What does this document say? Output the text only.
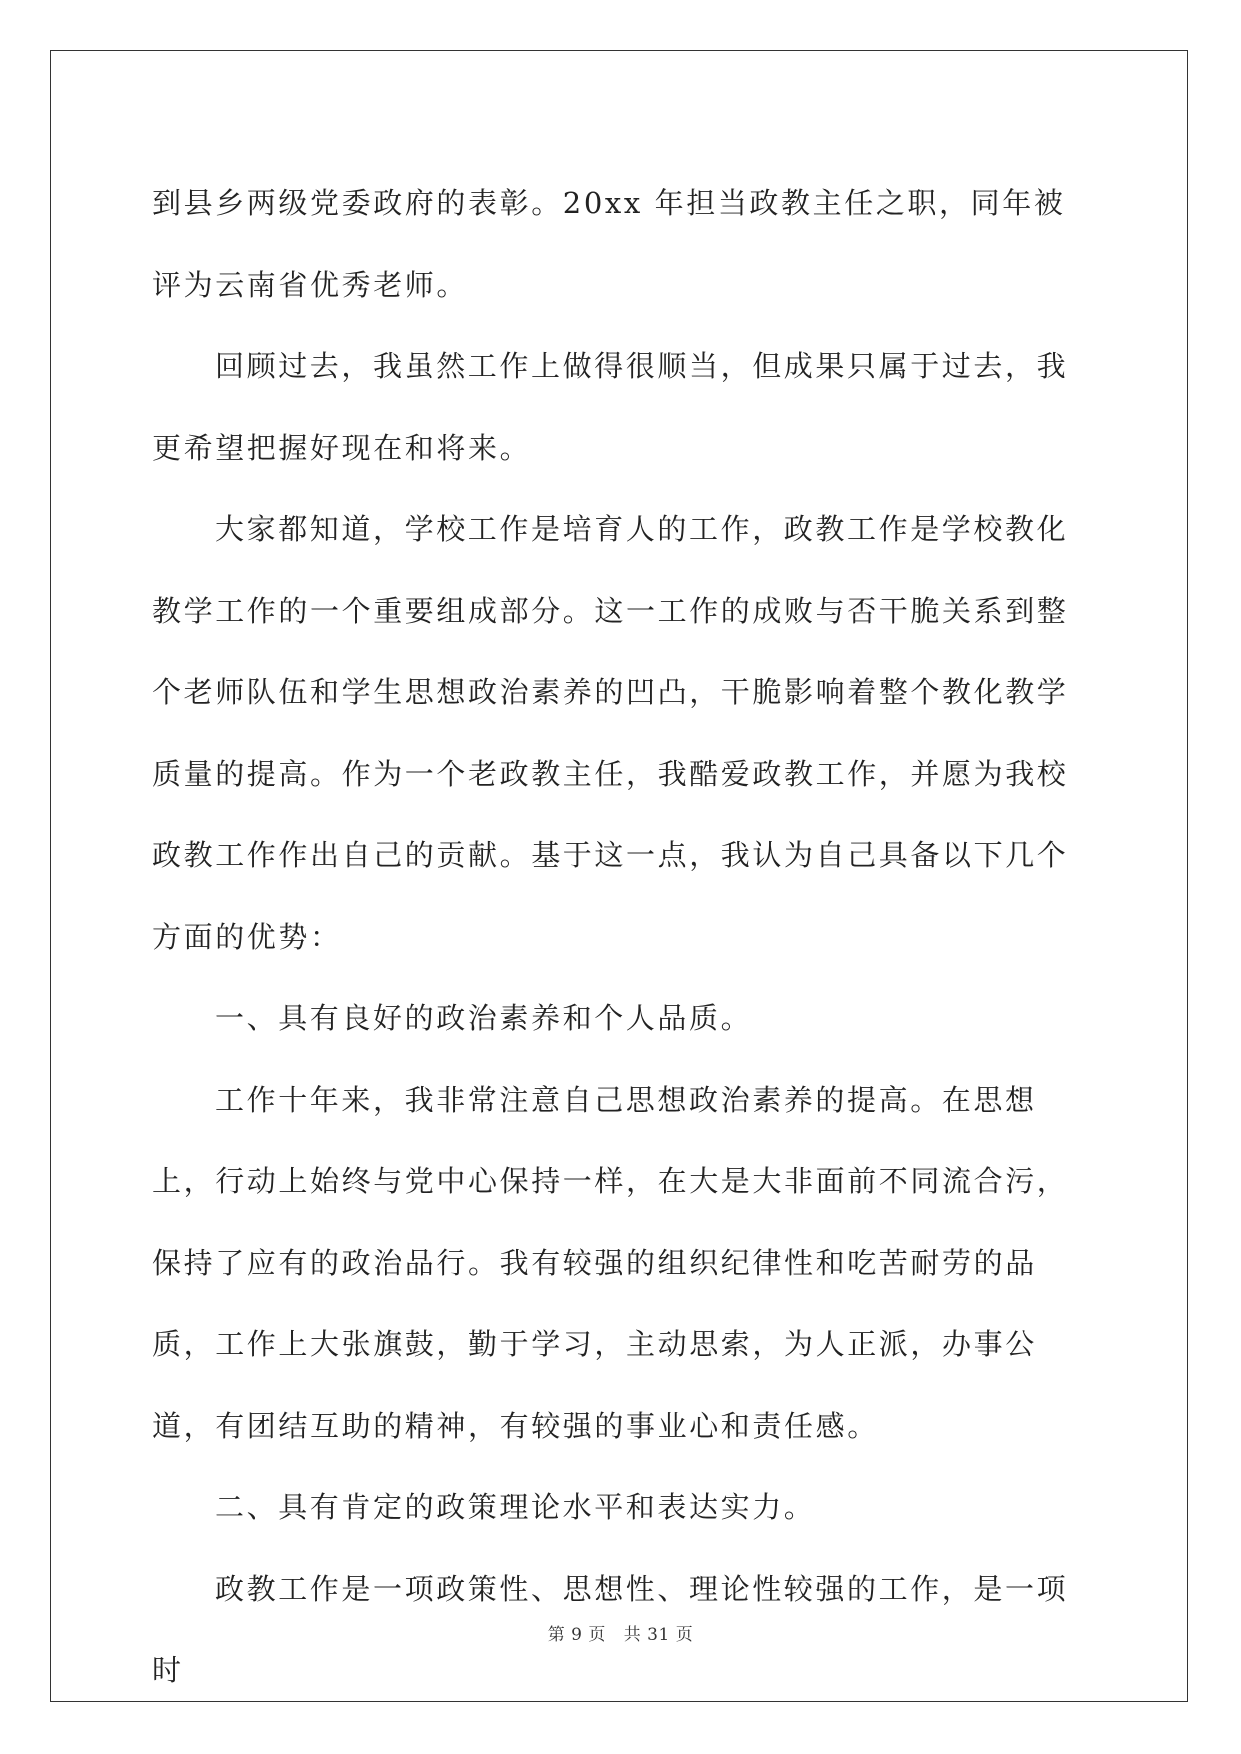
到县乡两级党委政府的表彰。20xx 年担当政教主任之职，同年被评为云南省优秀老师。

回顾过去，我虽然工作上做得很顺当，但成果只属于过去，我更希望把握好现在和将来。

大家都知道，学校工作是培育人的工作，政教工作是学校教化教学工作的一个重要组成部分。这一工作的成败与否干脆关系到整个老师队伍和学生思想政治素养的凹凸，干脆影响着整个教化教学质量的提高。作为一个老政教主任，我酷爱政教工作，并愿为我校政教工作作出自己的贡献。基于这一点，我认为自己具备以下几个方面的优势：

一、具有良好的政治素养和个人品质。

工作十年来，我非常注意自己思想政治素养的提高。在思想上，行动上始终与党中心保持一样，在大是大非面前不同流合污，保持了应有的政治品行。我有较强的组织纪律性和吃苦耐劳的品质，工作上大张旗鼓，勤于学习，主动思索，为人正派，办事公道，有团结互助的精神，有较强的事业心和责任感。

二、具有肯定的政策理论水平和表达实力。

政教工作是一项政策性、思想性、理论性较强的工作，是一项时

第 9 页 共 31 页
